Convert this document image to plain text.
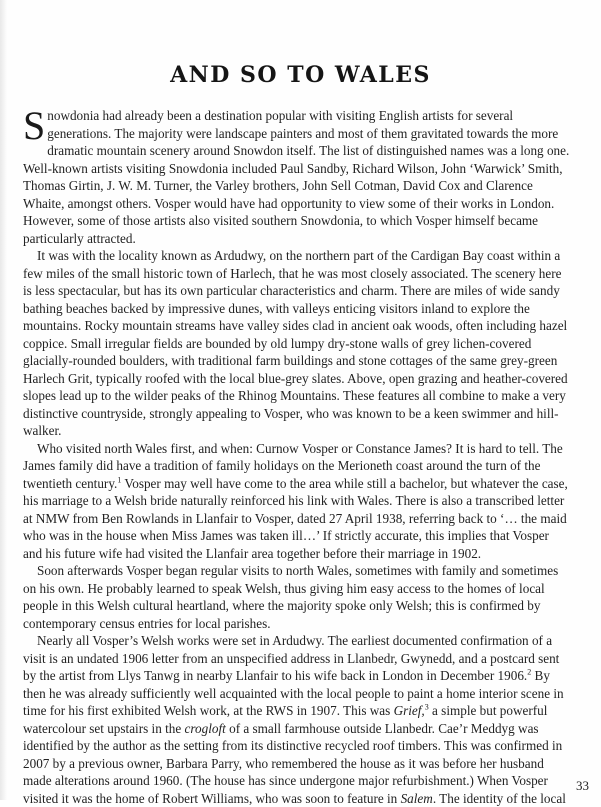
AND SO TO WALES

Snowdonia had already been a destination popular with visiting English artists for several generations. The majority were landscape painters and most of them gravitated towards the more dramatic mountain scenery around Snowdon itself. The list of distinguished names was a long one. Well-known artists visiting Snowdonia included Paul Sandby, Richard Wilson, John ‘Warwick’ Smith, Thomas Girtin, J. W. M. Turner, the Varley brothers, John Sell Cotman, David Cox and Clarence Whaite, amongst others. Vosper would have had opportunity to view some of their works in London. However, some of those artists also visited southern Snowdonia, to which Vosper himself became particularly attracted.

It was with the locality known as Ardudwy, on the northern part of the Cardigan Bay coast within a few miles of the small historic town of Harlech, that he was most closely associated. The scenery here is less spectacular, but has its own particular characteristics and charm. There are miles of wide sandy bathing beaches backed by impressive dunes, with valleys enticing visitors inland to explore the mountains. Rocky mountain streams have valley sides clad in ancient oak woods, often including hazel coppice. Small irregular fields are bounded by old lumpy dry-stone walls of grey lichen-covered glacially-rounded boulders, with traditional farm buildings and stone cottages of the same grey-green Harlech Grit, typically roofed with the local blue-grey slates. Above, open grazing and heather-covered slopes lead up to the wilder peaks of the Rhinog Mountains. These features all combine to make a very distinctive countryside, strongly appealing to Vosper, who was known to be a keen swimmer and hill-walker.

Who visited north Wales first, and when: Curnow Vosper or Constance James? It is hard to tell. The James family did have a tradition of family holidays on the Merioneth coast around the turn of the twentieth century.$^1$ Vosper may well have come to the area while still a bachelor, but whatever the case, his marriage to a Welsh bride naturally reinforced his link with Wales. There is also a transcribed letter at NMW from Ben Rowlands in Llanfair to Vosper, dated 27 April 1938, referring back to ‘… the maid who was in the house when Miss James was taken ill…’ If strictly accurate, this implies that Vosper and his future wife had visited the Llanfair area together before their marriage in 1902.

Soon afterwards Vosper began regular visits to north Wales, sometimes with family and sometimes on his own. He probably learned to speak Welsh, thus giving him easy access to the homes of local people in this Welsh cultural heartland, where the majority spoke only Welsh; this is confirmed by contemporary census entries for local parishes.

Nearly all Vosper’s Welsh works were set in Ardudwy. The earliest documented confirmation of a visit is an undated 1906 letter from an unspecified address in Llanbedr, Gwynedd, and a postcard sent by the artist from Llys Tanwg in nearby Llanfair to his wife back in London in December 1906.$^2$ By then he was already sufficiently well acquainted with the local people to paint a home interior scene in time for his first exhibited Welsh work, at the RWS in 1907. This was Grief,$^3$ a simple but powerful watercolour set upstairs in the crogloft of a small farmhouse outside Llanbedr. Cae’r Meddyg was identified by the author as the setting from its distinctive recycled roof timbers. This was confirmed in 2007 by a previous owner, Barbara Parry, who remembered the house as it was before her husband made alterations around 1960. (The house has since undergone major refurbishment.) When Vosper visited it was the home of Robert Williams, who was soon to feature in Salem. The identity of the local

33
